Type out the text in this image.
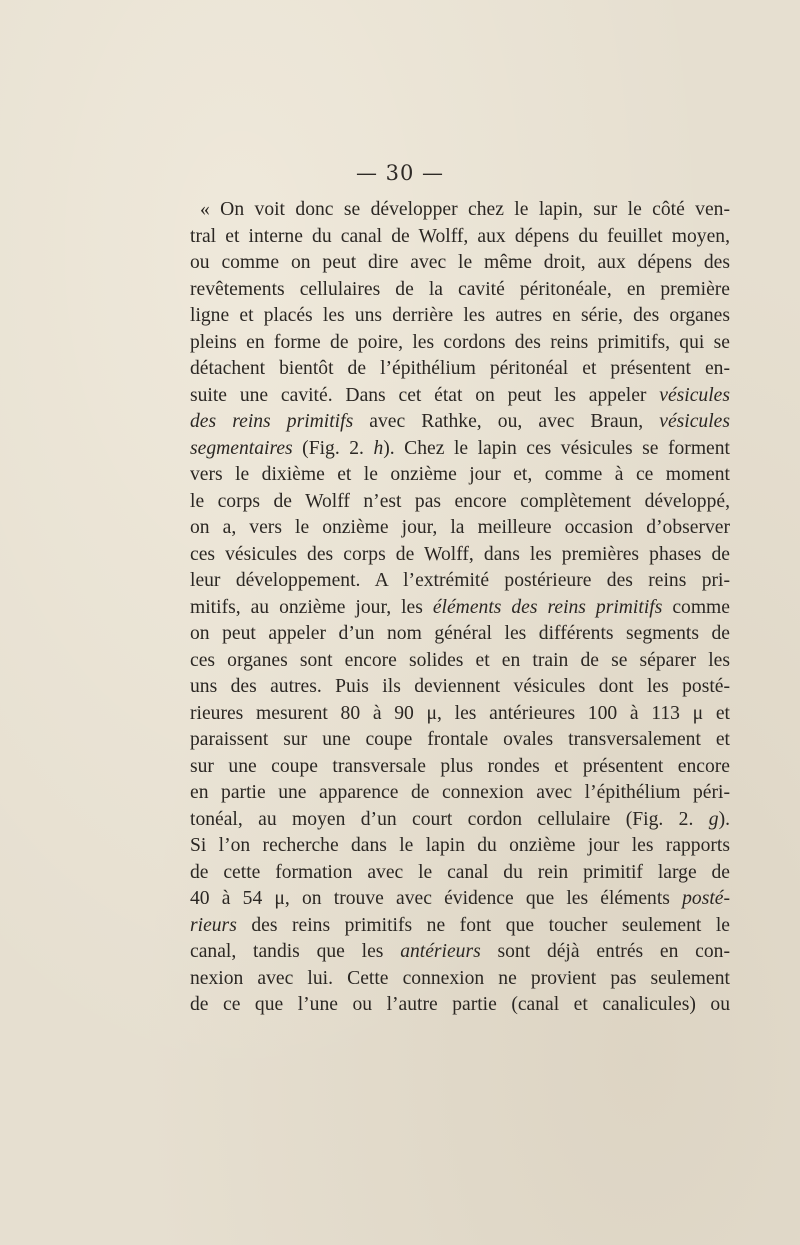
— 30 —
« On voit donc se développer chez le lapin, sur le côté ven-
tral et interne du canal de Wolff, aux dépens du feuillet moyen,
ou comme on peut dire avec le même droit, aux dépens des
revêtements cellulaires de la cavité péritonéale, en première
ligne et placés les uns derrière les autres en série, des organes
pleins en forme de poire, les cordons des reins primitifs, qui se
détachent bientôt de l’épithélium péritonéal et présentent en-
suite une cavité. Dans cet état on peut les appeler vésicules
des reins primitifs avec Rathke, ou, avec Braun, vésicules
segmentaires (Fig. 2. h). Chez le lapin ces vésicules se forment
vers le dixième et le onzième jour et, comme à ce moment
le corps de Wolff n’est pas encore complètement développé,
on a, vers le onzième jour, la meilleure occasion d’observer
ces vésicules des corps de Wolff, dans les premières phases de
leur développement. A l’extrémité postérieure des reins pri-
mitifs, au onzième jour, les éléments des reins primitifs comme
on peut appeler d’un nom général les différents segments de
ces organes sont encore solides et en train de se séparer les
uns des autres. Puis ils deviennent vésicules dont les posté-
rieures mesurent 80 à 90 μ, les antérieures 100 à 113 μ et
paraissent sur une coupe frontale ovales transversalement et
sur une coupe transversale plus rondes et présentent encore
en partie une apparence de connexion avec l’épithélium péri-
tonéal, au moyen d’un court cordon cellulaire (Fig. 2. g).
Si l’on recherche dans le lapin du onzième jour les rapports
de cette formation avec le canal du rein primitif large de
40 à 54 μ, on trouve avec évidence que les éléments posté-
rieurs des reins primitifs ne font que toucher seulement le
canal, tandis que les antérieurs sont déjà entrés en con-
nexion avec lui. Cette connexion ne provient pas seulement
de ce que l’une ou l’autre partie (canal et canalicules) ou
